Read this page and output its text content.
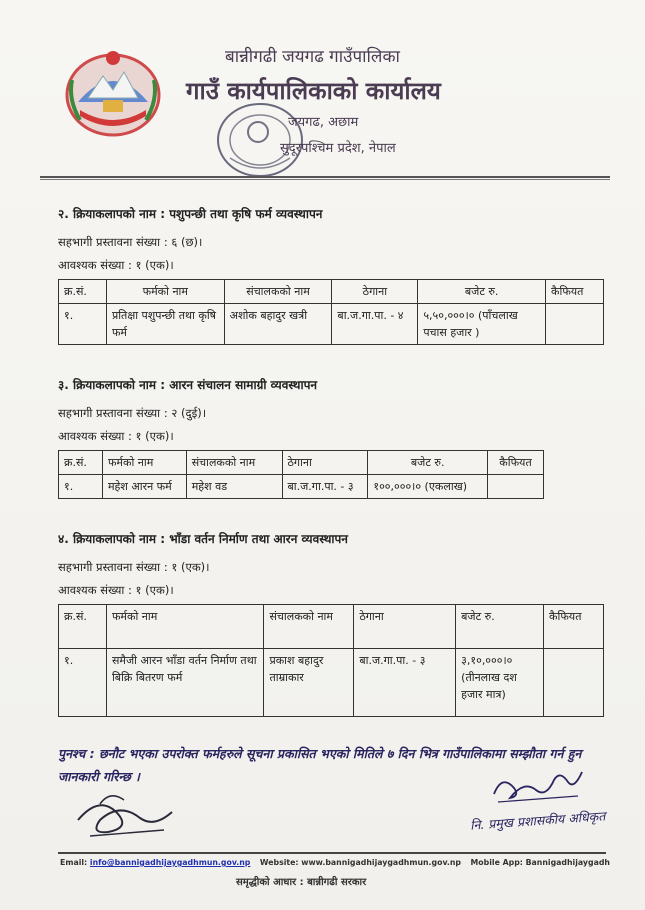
बान्नीगढी जयगढ गाउँपालिका
गाउँ कार्यपालिकाको कार्यालय
जयगढ, अछाम
सुदूरपश्चिम प्रदेश, नेपाल
२. क्रियाकलापको नाम : पशुपन्छी तथा कृषि फर्म व्यवस्थापन
सहभागी प्रस्तावना संख्या : ६ (छ)।
आवश्यक संख्या : १ (एक)।
क्र.सं.	फर्मको नाम	संचालकको नाम	ठेगाना	बजेट रु.	कैफियत
१.	प्रतिक्षा पशुपन्छी तथा कृषि फर्म	अशोक बहादुर खत्री	बा.ज.गा.पा. - ४	५,५०,०००।० (पाँचलाख पचास हजार )	
३. क्रियाकलापको नाम : आरन संचालन सामाग्री व्यवस्थापन
सहभागी प्रस्तावना संख्या : २ (दुई)।
आवश्यक संख्या : १ (एक)।
क्र.सं.	फर्मको नाम	संचालकको नाम	ठेगाना	बजेट रु.	कैफियत
१.	महेश आरन फर्म	महेश वड	बा.ज.गा.पा. - ३	१००,०००।० (एकलाख)	
४. क्रियाकलापको नाम : भाँडा वर्तन निर्माण तथा आरन व्यवस्थापन
सहभागी प्रस्तावना संख्या : १ (एक)।
आवश्यक संख्या : १ (एक)।
क्र.सं.	फर्मको नाम	संचालकको नाम	ठेगाना	बजेट रु.	कैफियत
१.	समैजी आरन भाँडा वर्तन निर्माण तथा बिक्रि बितरण फर्म	प्रकाश बहादुर ताम्राकार	बा.ज.गा.पा. - ३	३,१०,०००।० (तीनलाख दश हजार मात्र)	
पुनश्च : छनौट भएका उपरोक्त फर्महरुले सूचना प्रकासित भएको मितिले ७ दिन भित्र गाउँपालिकामा सम्झौता गर्न हुन जानकारी गरिन्छ ।
नि. प्रमुख प्रशासकीय अधिकृत
Email: info@bannigadhijaygadhmun.gov.np Website: www.bannigadhijaygadhmun.gov.np Mobile App: Bannigadhijaygadh
समृद्धीको आधार : बान्नीगढी सरकार
